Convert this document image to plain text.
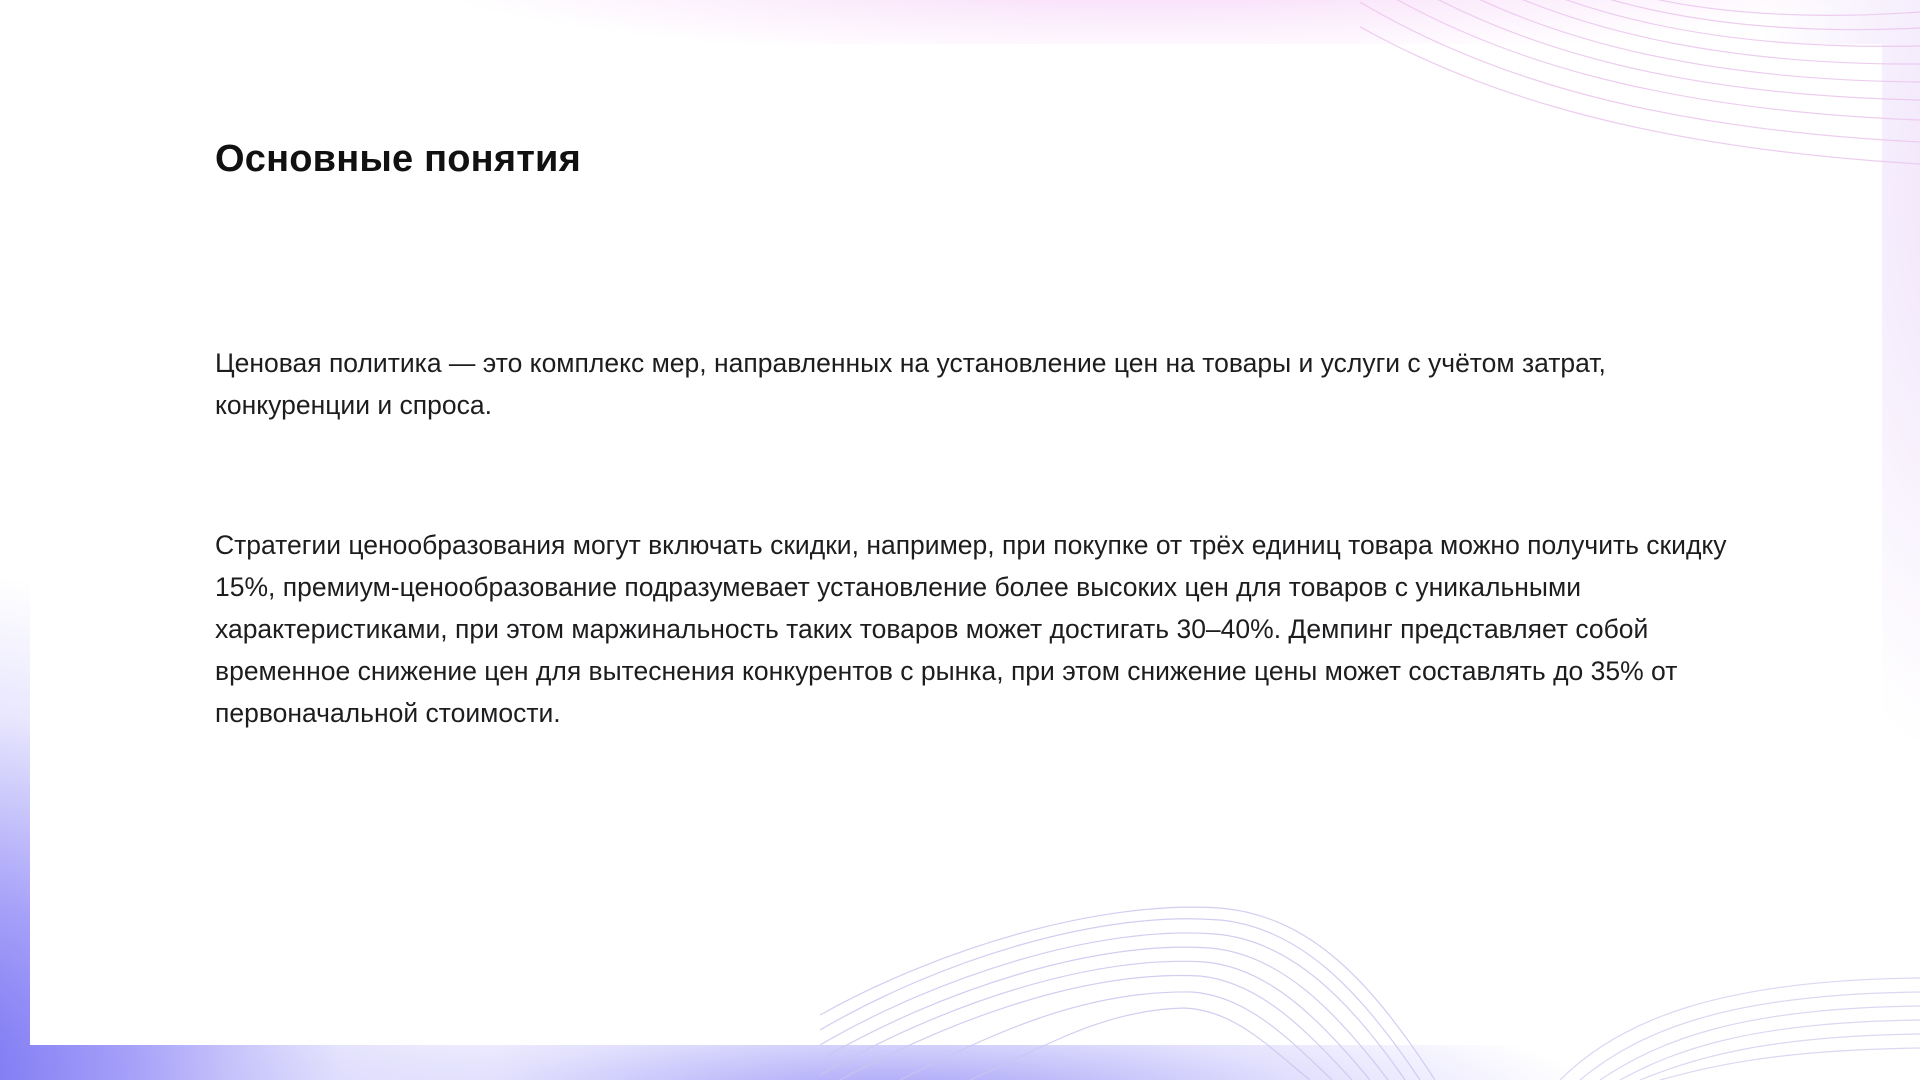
Основные понятия

Ценовая политика — это комплекс мер, направленных на установление цен на товары и услуги с учётом затрат, конкуренции и спроса.

Стратегии ценообразования могут включать скидки, например, при покупке от трёх единиц товара можно получить скидку 15%, премиум-ценообразование подразумевает установление более высоких цен для товаров с уникальными характеристиками, при этом маржинальность таких товаров может достигать 30–40%. Демпинг представляет собой временное снижение цен для вытеснения конкурентов с рынка, при этом снижение цены может составлять до 35% от первоначальной стоимости.
